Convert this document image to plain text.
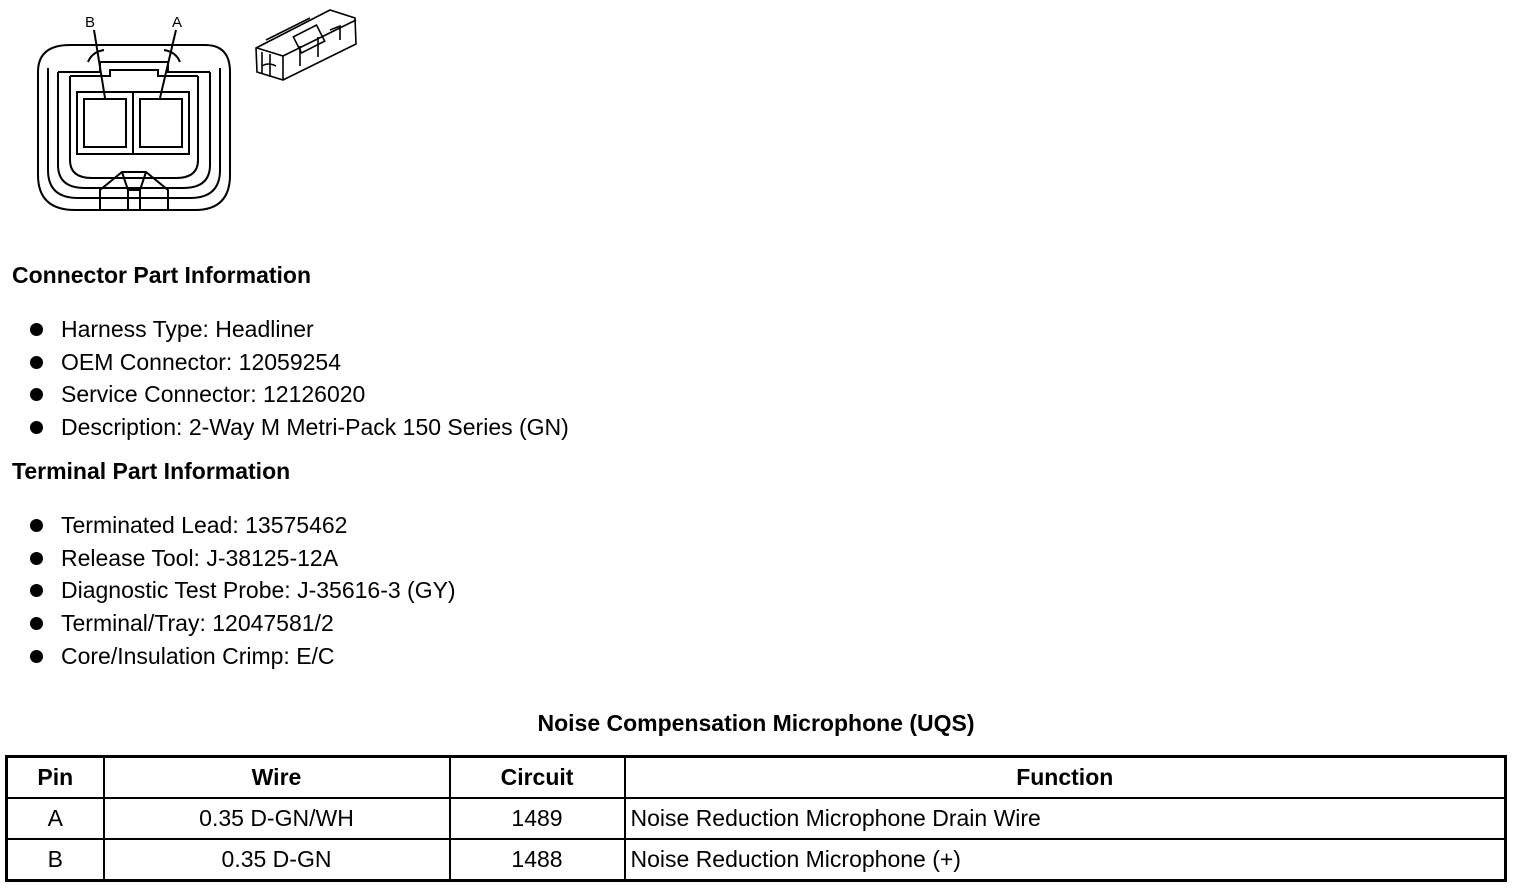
B	A
Connector Part Information
Harness Type: Headliner
OEM Connector: 12059254
Service Connector: 12126020
Description: 2-Way M Metri-Pack 150 Series (GN)
Terminal Part Information
Terminated Lead: 13575462
Release Tool: J-38125-12A
Diagnostic Test Probe: J-35616-3 (GY)
Terminal/Tray: 12047581/2
Core/Insulation Crimp: E/C
Noise Compensation Microphone (UQS)
Pin	Wire	Circuit	Function
A	0.35 D-GN/WH	1489	Noise Reduction Microphone Drain Wire
B	0.35 D-GN	1488	Noise Reduction Microphone (+)
